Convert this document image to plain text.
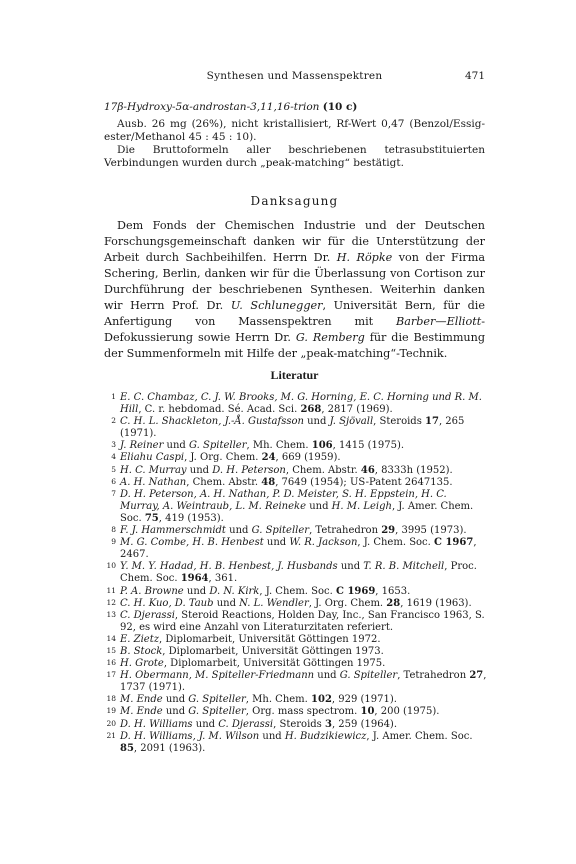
Synthesen und Massenspektren	471
17β-Hydroxy-5α-androstan-3,11,16-trion (10 c)
Ausb. 26 mg (26%), nicht kristallisiert, Rf-Wert 0,47 (Benzol/Essig-ester/Methanol 45 : 45 : 10).
Die Bruttoformeln aller beschriebenen tetrasubstituierten Verbindungen wurden durch „peak-matching“ bestätigt.
Danksagung
Dem Fonds der Chemischen Industrie und der Deutschen Forschungsgemeinschaft danken wir für die Unterstützung der Arbeit durch Sachbeihilfen. Herrn Dr. H. Röpke von der Firma Schering, Berlin, danken wir für die Überlassung von Cortison zur Durchführung der beschriebenen Synthesen. Weiterhin danken wir Herrn Prof. Dr. U. Schlunegger, Universität Bern, für die Anfertigung von Massenspektren mit Barber—Elliott-Defokussierung sowie Herrn Dr. G. Remberg für die Bestimmung der Summenformeln mit Hilfe der „peak-matching“-Technik.
Literatur
1 E. C. Chambaz, C. J. W. Brooks, M. G. Horning, E. C. Horning und R. M. Hill, C. r. hebdomad. Sé. Acad. Sci. 268, 2817 (1969).
2 C. H. L. Shackleton, J.-Å. Gustafsson und J. Sjövall, Steroids 17, 265 (1971).
3 J. Reiner und G. Spiteller, Mh. Chem. 106, 1415 (1975).
4 Eliahu Caspi, J. Org. Chem. 24, 669 (1959).
5 H. C. Murray und D. H. Peterson, Chem. Abstr. 46, 8333h (1952).
6 A. H. Nathan, Chem. Abstr. 48, 7649 (1954); US-Patent 2647135.
7 D. H. Peterson, A. H. Nathan, P. D. Meister, S. H. Eppstein, H. C. Murray, A. Weintraub, L. M. Reineke und H. M. Leigh, J. Amer. Chem. Soc. 75, 419 (1953).
8 F. J. Hammerschmidt und G. Spiteller, Tetrahedron 29, 3995 (1973).
9 M. G. Combe, H. B. Henbest und W. R. Jackson, J. Chem. Soc. C 1967, 2467.
10 Y. M. Y. Hadad, H. B. Henbest, J. Husbands und T. R. B. Mitchell, Proc. Chem. Soc. 1964, 361.
11 P. A. Browne und D. N. Kirk, J. Chem. Soc. C 1969, 1653.
12 C. H. Kuo, D. Taub und N. L. Wendler, J. Org. Chem. 28, 1619 (1963).
13 C. Djerassi, Steroid Reactions, Holden Day, Inc., San Francisco 1963, S. 92, es wird eine Anzahl von Literaturzitaten referiert.
14 E. Zietz, Diplomarbeit, Universität Göttingen 1972.
15 B. Stock, Diplomarbeit, Universität Göttingen 1973.
16 H. Grote, Diplomarbeit, Universität Göttingen 1975.
17 H. Obermann, M. Spiteller-Friedmann und G. Spiteller, Tetrahedron 27, 1737 (1971).
18 M. Ende und G. Spiteller, Mh. Chem. 102, 929 (1971).
19 M. Ende und G. Spiteller, Org. mass spectrom. 10, 200 (1975).
20 D. H. Williams und C. Djerassi, Steroids 3, 259 (1964).
21 D. H. Williams, J. M. Wilson und H. Budzikiewicz, J. Amer. Chem. Soc. 85, 2091 (1963).
